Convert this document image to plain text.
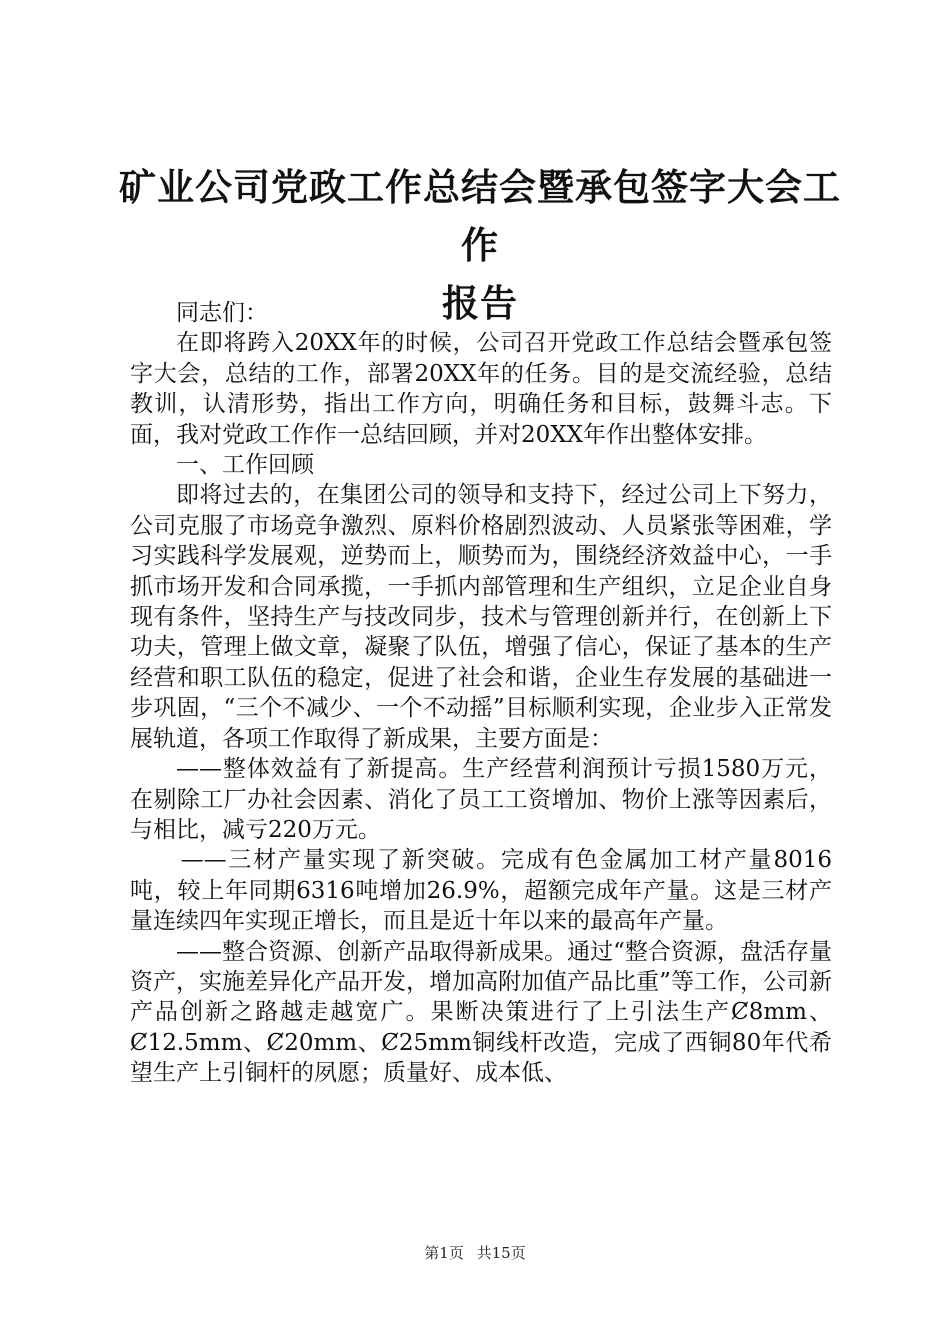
矿业公司党政工作总结会暨承包签字大会工作
报告

同志们：

在即将跨入20XX年的时候，公司召开党政工作总结会暨承包签字大会，总结的工作，部署20XX年的任务。目的是交流经验，总结教训，认清形势，指出工作方向，明确任务和目标，鼓舞斗志。下面，我对党政工作作一总结回顾，并对20XX年作出整体安排。

一、工作回顾

即将过去的，在集团公司的领导和支持下，经过公司上下努力，公司克服了市场竞争激烈、原料价格剧烈波动、人员紧张等困难，学习实践科学发展观，逆势而上，顺势而为，围绕经济效益中心，一手抓市场开发和合同承揽，一手抓内部管理和生产组织，立足企业自身现有条件，坚持生产与技改同步，技术与管理创新并行，在创新上下功夫，管理上做文章，凝聚了队伍，增强了信心，保证了基本的生产经营和职工队伍的稳定，促进了社会和谐，企业生存发展的基础进一步巩固，“三个不减少、一个不动摇”目标顺利实现，企业步入正常发展轨道，各项工作取得了新成果，主要方面是：

——整体效益有了新提高。生产经营利润预计亏损1580万元，在剔除工厂办社会因素、消化了员工工资增加、物价上涨等因素后，与相比，减亏220万元。

——三材产量实现了新突破。完成有色金属加工材产量8016吨，较上年同期6316吨增加26.9%，超额完成年产量。这是三材产量连续四年实现正增长，而且是近十年以来的最高年产量。

——整合资源、创新产品取得新成果。通过“整合资源，盘活存量资产，实施差异化产品开发，增加高附加值产品比重”等工作，公司新产品创新之路越走越宽广。果断决策进行了上引法生产Ȼ8mm、Ȼ12.5mm、Ȼ20mm、Ȼ25mm铜线杆改造，完成了西铜80年代希望生产上引铜杆的夙愿；质量好、成本低、

第1页 共15页
